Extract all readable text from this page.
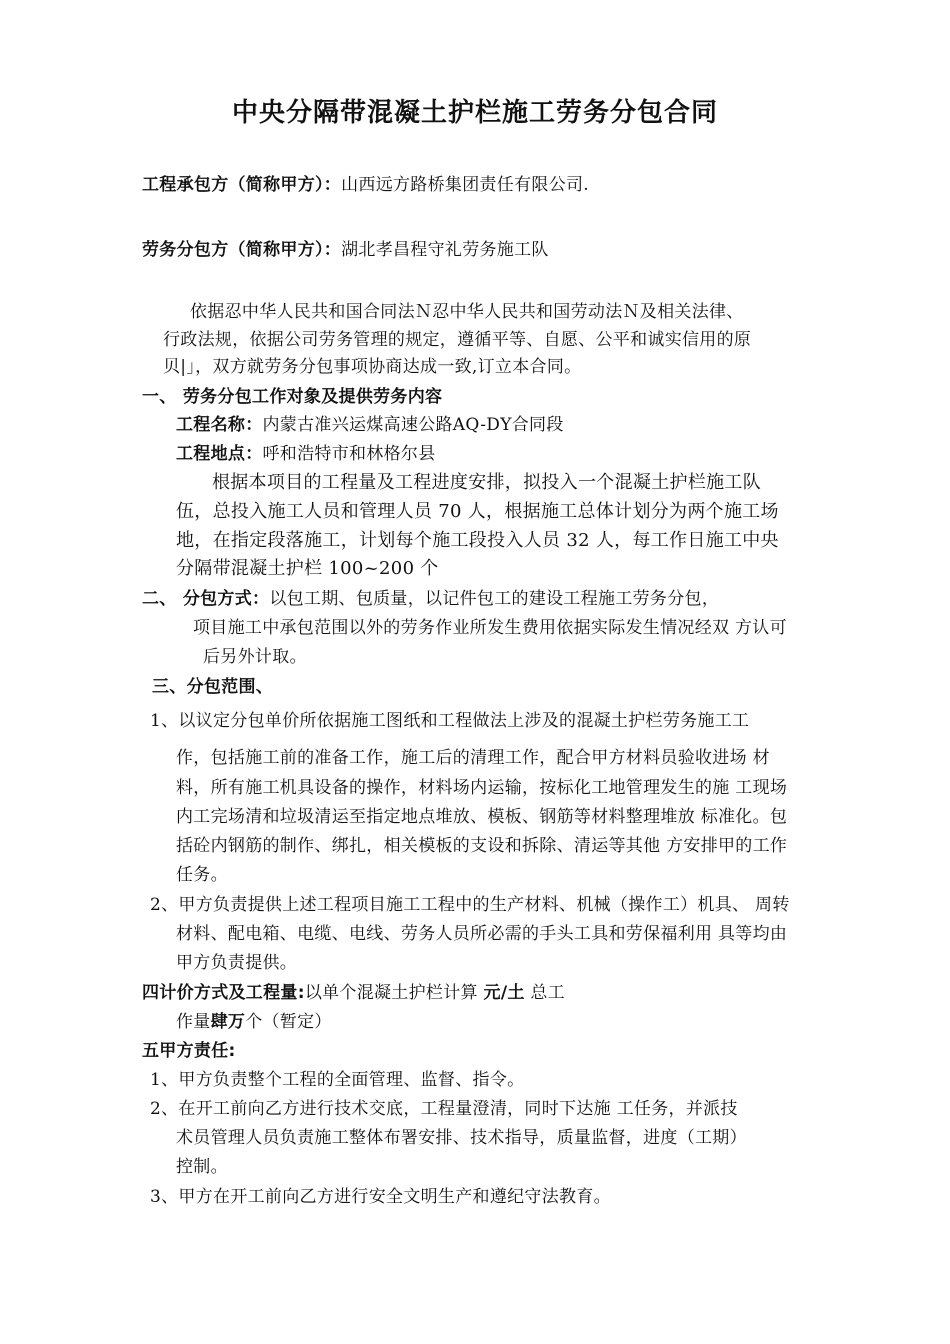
中央分隔带混凝土护栏施工劳务分包合同
工程承包方（简称甲方）：山西远方路桥集团责任有限公司.
劳务分包方（简称甲方）：湖北孝昌程守礼劳务施工队
依据忍中华人民共和国合同法Ｎ忍中华人民共和国劳动法Ｎ及相关法律、
行政法规，依据公司劳务管理的规定，遵循平等、自愿、公平和诚实信用的原
贝|」，双方就劳务分包事项协商达成一致,订立本合同。
一、 劳务分包工作对象及提供劳务内容
工程名称：内蒙古准兴运煤高速公路AQ-DY合同段
工程地点：呼和浩特市和林格尔县
根据本项目的工程量及工程进度安排，拟投入一个混凝土护栏施工队
伍，总投入施工人员和管理人员 70 人，根据施工总体计划分为两个施工场
地，在指定段落施工，计划每个施工段投入人员 32 人，每工作日施工中央
分隔带混凝土护栏 100~200 个
二、 分包方式：以包工期、包质量，以记件包工的建设工程施工劳务分包，
项目施工中承包范围以外的劳务作业所发生费用依据实际发生情况经双 方认可
后另外计取。
三、分包范围、
1、以议定分包单价所依据施工图纸和工程做法上涉及的混凝土护栏劳务施工工
作，包括施工前的准备工作，施工后的清理工作，配合甲方材料员验收进场 材
料，所有施工机具设备的操作，材料场内运输，按标化工地管理发生的施 工现场
内工完场清和垃圾清运至指定地点堆放、模板、钢筋等材料整理堆放 标准化。包
括砼内钢筋的制作、绑扎，相关模板的支设和拆除、清运等其他 方安排甲的工作
任务。
2、甲方负责提供上述工程项目施工工程中的生产材料、机械（操作工）机具、 周转
材料、配电箱、电缆、电线、劳务人员所必需的手头工具和劳保福利用 具等均由
甲方负责提供。
四计价方式及工程量:以单个混凝土护栏计算 元/土 总工
作量肆万个（暂定）
五甲方责任:
1、甲方负责整个工程的全面管理、监督、指令。
2、在开工前向乙方进行技术交底，工程量澄清，同时下达施 工任务，并派技
术员管理人员负责施工整体布署安排、技术指导，质量监督，进度（工期）
控制。
3、甲方在开工前向乙方进行安全文明生产和遵纪守法教育。
